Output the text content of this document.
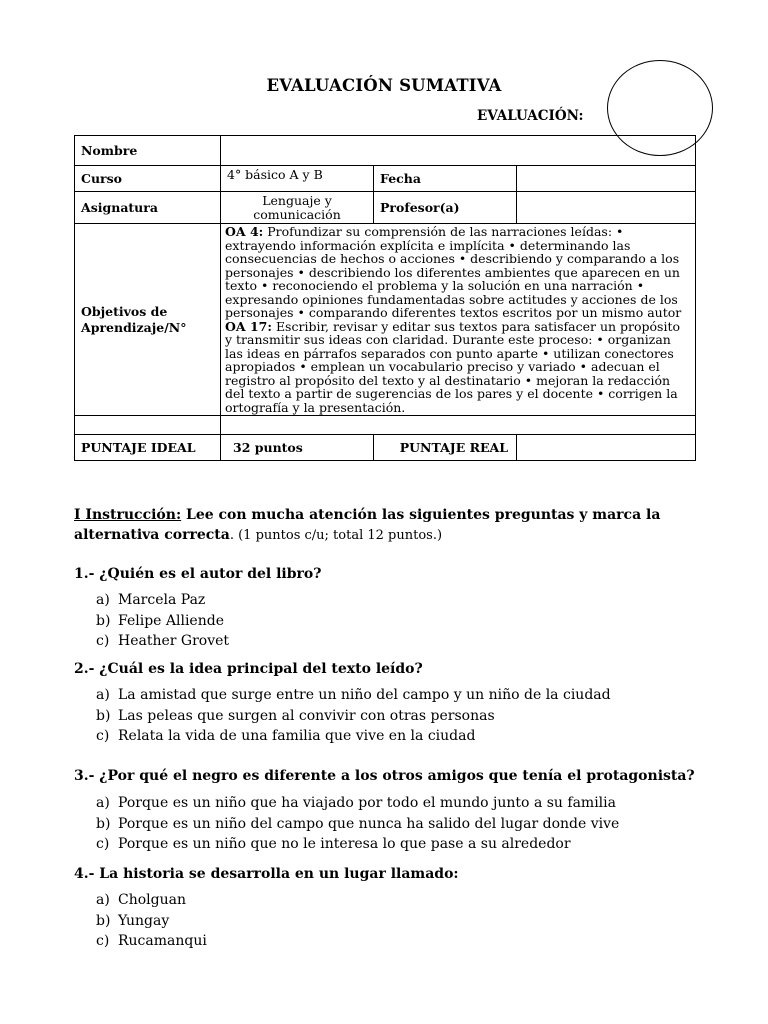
EVALUACIÓN SUMATIVA
EVALUACIÓN:
Nombre			
Curso	4° básico A y B	Fecha	
Asignatura	Lenguaje y comunicación	Profesor(a)	
Objetivos de Aprendizaje/N°	OA 4: Profundizar su comprensión de las narraciones leídas: • extrayendo información explícita e implícita • determinando las consecuencias de hechos o acciones • describiendo y comparando a los personajes • describiendo los diferentes ambientes que aparecen en un texto • reconociendo el problema y la solución en una narración • expresando opiniones fundamentadas sobre actitudes y acciones de los personajes • comparando diferentes textos escritos por un mismo autor
OA 17: Escribir, revisar y editar sus textos para satisfacer un propósito y transmitir sus ideas con claridad. Durante este proceso: • organizan las ideas en párrafos separados con punto aparte • utilizan conectores apropiados • emplean un vocabulario preciso y variado • adecuan el registro al propósito del texto y al destinatario • mejoran la redacción del texto a partir de sugerencias de los pares y el docente • corrigen la ortografía y la presentación.		

PUNTAJE IDEAL	32 puntos	PUNTAJE REAL	
I Instrucción: Lee con mucha atención las siguientes preguntas y marca la alternativa correcta. (1 puntos c/u; total 12 puntos.)
1.- ¿Quién es el autor del libro?
a) Marcela Paz
b) Felipe Alliende
c) Heather Grovet
2.- ¿Cuál es la idea principal del texto leído?
a) La amistad que surge entre un niño del campo y un niño de la ciudad
b) Las peleas que surgen al convivir con otras personas
c) Relata la vida de una familia que vive en la ciudad
3.- ¿Por qué el negro es diferente a los otros amigos que tenía el protagonista?
a) Porque es un niño que ha viajado por todo el mundo junto a su familia
b) Porque es un niño del campo que nunca ha salido del lugar donde vive
c) Porque es un niño que no le interesa lo que pase a su alrededor
4.- La historia se desarrolla en un lugar llamado:
a) Cholguan
b) Yungay
c) Rucamanqui
